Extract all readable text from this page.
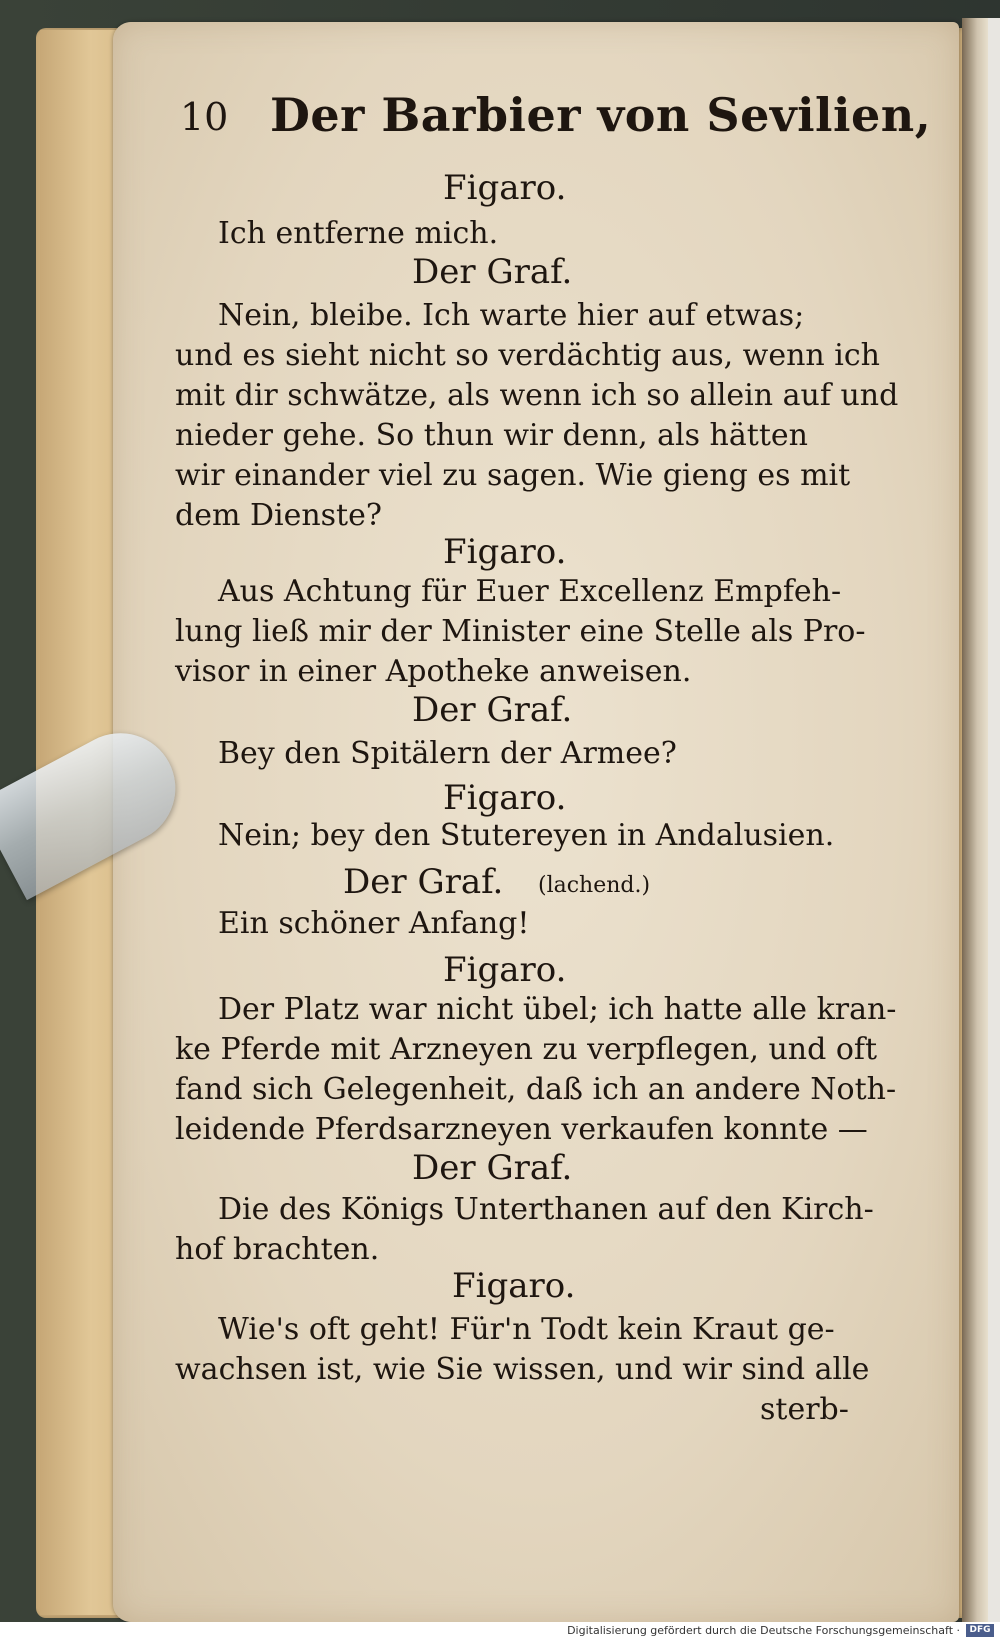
10 Der Barbier von Sevilien,
Figaro.
Ich entferne mich.
Der Graf.
Nein, bleibe. Ich warte hier auf etwas;
und es sieht nicht so verdächtig aus, wenn ich
mit dir schwätze, als wenn ich so allein auf und
nieder gehe. So thun wir denn, als hätten
wir einander viel zu sagen. Wie gieng es mit
dem Dienste?
Figaro.
Aus Achtung für Euer Excellenz Empfeh-
lung ließ mir der Minister eine Stelle als Pro-
visor in einer Apotheke anweisen.
Der Graf.
Bey den Spitälern der Armee?
Figaro.
Nein; bey den Stutereyen in Andalusien.
Der Graf. (lachend.)
Ein schöner Anfang!
Figaro.
Der Platz war nicht übel; ich hatte alle kran-
ke Pferde mit Arzneyen zu verpflegen, und oft
fand sich Gelegenheit, daß ich an andere Noth-
leidende Pferdsarzneyen verkaufen konnte —
Der Graf.
Die des Königs Unterthanen auf den Kirch-
hof brachten.
Figaro.
Wie's oft geht! Für'n Todt kein Kraut ge-
wachsen ist, wie Sie wissen, und wir sind alle
sterb-
Digitalisierung gefördert durch die Deutsche Forschungsgemeinschaft ·	DFG
